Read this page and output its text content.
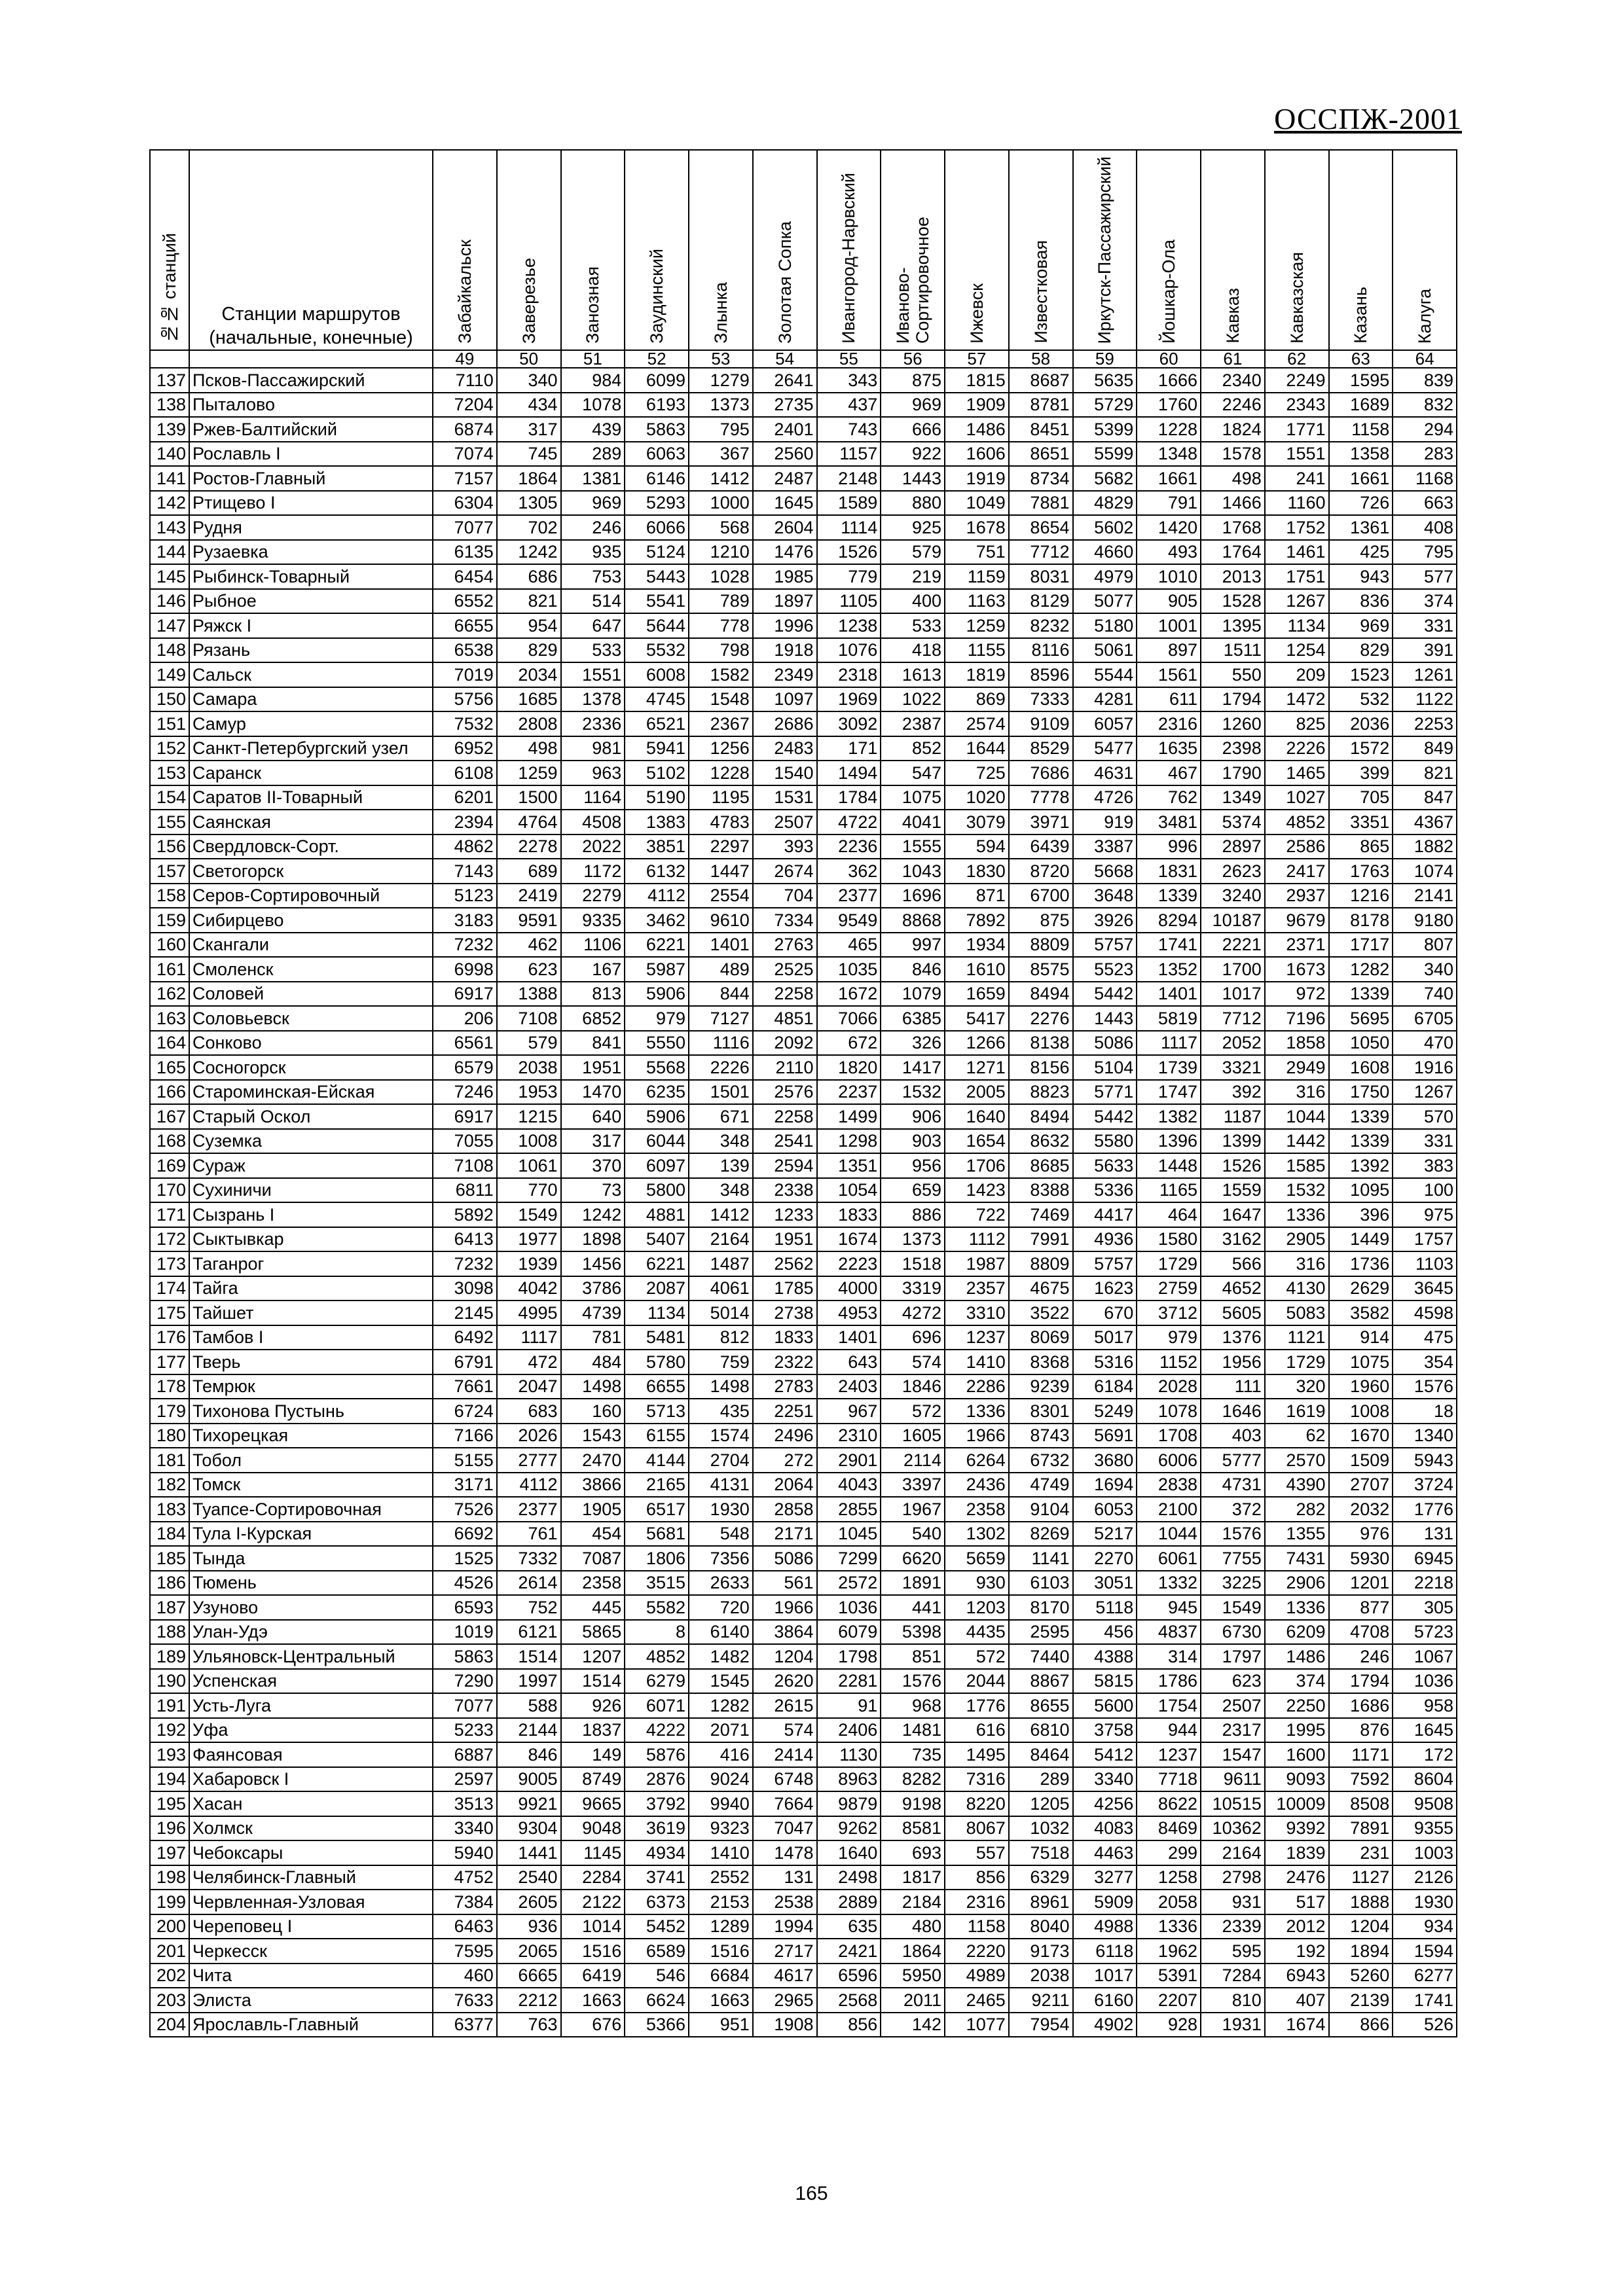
ОССПЖ-2001
№№ станций	Станции маршрутов (начальные, конечные)	Забайкальск	Заверезье	Занозная	Заудинский	Злынка	Золотая Сопка	Ивангород-Нарвский	Иваново-Сортировочное	Ижевск	Известковая	Иркутск-Пассажирский	Йошкар-Ола	Кавказ	Кавказская	Казань	Калуга
		49	50	51	52	53	54	55	56	57	58	59	60	61	62	63	64
137	Псков-Пассажирский	7110	340	984	6099	1279	2641	343	875	1815	8687	5635	1666	2340	2249	1595	839
138	Пыталово	7204	434	1078	6193	1373	2735	437	969	1909	8781	5729	1760	2246	2343	1689	832
139	Ржев-Балтийский	6874	317	439	5863	795	2401	743	666	1486	8451	5399	1228	1824	1771	1158	294
140	Рославль I	7074	745	289	6063	367	2560	1157	922	1606	8651	5599	1348	1578	1551	1358	283
141	Ростов-Главный	7157	1864	1381	6146	1412	2487	2148	1443	1919	8734	5682	1661	498	241	1661	1168
142	Ртищево I	6304	1305	969	5293	1000	1645	1589	880	1049	7881	4829	791	1466	1160	726	663
143	Рудня	7077	702	246	6066	568	2604	1114	925	1678	8654	5602	1420	1768	1752	1361	408
144	Рузаевка	6135	1242	935	5124	1210	1476	1526	579	751	7712	4660	493	1764	1461	425	795
145	Рыбинск-Товарный	6454	686	753	5443	1028	1985	779	219	1159	8031	4979	1010	2013	1751	943	577
146	Рыбное	6552	821	514	5541	789	1897	1105	400	1163	8129	5077	905	1528	1267	836	374
147	Ряжск I	6655	954	647	5644	778	1996	1238	533	1259	8232	5180	1001	1395	1134	969	331
148	Рязань	6538	829	533	5532	798	1918	1076	418	1155	8116	5061	897	1511	1254	829	391
149	Сальск	7019	2034	1551	6008	1582	2349	2318	1613	1819	8596	5544	1561	550	209	1523	1261
150	Самара	5756	1685	1378	4745	1548	1097	1969	1022	869	7333	4281	611	1794	1472	532	1122
151	Самур	7532	2808	2336	6521	2367	2686	3092	2387	2574	9109	6057	2316	1260	825	2036	2253
152	Санкт-Петербургский узел	6952	498	981	5941	1256	2483	171	852	1644	8529	5477	1635	2398	2226	1572	849
153	Саранск	6108	1259	963	5102	1228	1540	1494	547	725	7686	4631	467	1790	1465	399	821
154	Саратов II-Товарный	6201	1500	1164	5190	1195	1531	1784	1075	1020	7778	4726	762	1349	1027	705	847
155	Саянская	2394	4764	4508	1383	4783	2507	4722	4041	3079	3971	919	3481	5374	4852	3351	4367
156	Свердловск-Сорт.	4862	2278	2022	3851	2297	393	2236	1555	594	6439	3387	996	2897	2586	865	1882
157	Светогорск	7143	689	1172	6132	1447	2674	362	1043	1830	8720	5668	1831	2623	2417	1763	1074
158	Серов-Сортировочный	5123	2419	2279	4112	2554	704	2377	1696	871	6700	3648	1339	3240	2937	1216	2141
159	Сибирцево	3183	9591	9335	3462	9610	7334	9549	8868	7892	875	3926	8294	10187	9679	8178	9180
160	Скангали	7232	462	1106	6221	1401	2763	465	997	1934	8809	5757	1741	2221	2371	1717	807
161	Смоленск	6998	623	167	5987	489	2525	1035	846	1610	8575	5523	1352	1700	1673	1282	340
162	Соловей	6917	1388	813	5906	844	2258	1672	1079	1659	8494	5442	1401	1017	972	1339	740
163	Соловьевск	206	7108	6852	979	7127	4851	7066	6385	5417	2276	1443	5819	7712	7196	5695	6705
164	Сонково	6561	579	841	5550	1116	2092	672	326	1266	8138	5086	1117	2052	1858	1050	470
165	Сосногорск	6579	2038	1951	5568	2226	2110	1820	1417	1271	8156	5104	1739	3321	2949	1608	1916
166	Староминская-Ейская	7246	1953	1470	6235	1501	2576	2237	1532	2005	8823	5771	1747	392	316	1750	1267
167	Старый Оскол	6917	1215	640	5906	671	2258	1499	906	1640	8494	5442	1382	1187	1044	1339	570
168	Суземка	7055	1008	317	6044	348	2541	1298	903	1654	8632	5580	1396	1399	1442	1339	331
169	Сураж	7108	1061	370	6097	139	2594	1351	956	1706	8685	5633	1448	1526	1585	1392	383
170	Сухиничи	6811	770	73	5800	348	2338	1054	659	1423	8388	5336	1165	1559	1532	1095	100
171	Сызрань I	5892	1549	1242	4881	1412	1233	1833	886	722	7469	4417	464	1647	1336	396	975
172	Сыктывкар	6413	1977	1898	5407	2164	1951	1674	1373	1112	7991	4936	1580	3162	2905	1449	1757
173	Таганрог	7232	1939	1456	6221	1487	2562	2223	1518	1987	8809	5757	1729	566	316	1736	1103
174	Тайга	3098	4042	3786	2087	4061	1785	4000	3319	2357	4675	1623	2759	4652	4130	2629	3645
175	Тайшет	2145	4995	4739	1134	5014	2738	4953	4272	3310	3522	670	3712	5605	5083	3582	4598
176	Тамбов I	6492	1117	781	5481	812	1833	1401	696	1237	8069	5017	979	1376	1121	914	475
177	Тверь	6791	472	484	5780	759	2322	643	574	1410	8368	5316	1152	1956	1729	1075	354
178	Темрюк	7661	2047	1498	6655	1498	2783	2403	1846	2286	9239	6184	2028	111	320	1960	1576
179	Тихонова Пустынь	6724	683	160	5713	435	2251	967	572	1336	8301	5249	1078	1646	1619	1008	18
180	Тихорецкая	7166	2026	1543	6155	1574	2496	2310	1605	1966	8743	5691	1708	403	62	1670	1340
181	Тобол	5155	2777	2470	4144	2704	272	2901	2114	6264	6732	3680	6006	5777	2570	1509	5943
182	Томск	3171	4112	3866	2165	4131	2064	4043	3397	2436	4749	1694	2838	4731	4390	2707	3724
183	Туапсе-Сортировочная	7526	2377	1905	6517	1930	2858	2855	1967	2358	9104	6053	2100	372	282	2032	1776
184	Тула I-Курская	6692	761	454	5681	548	2171	1045	540	1302	8269	5217	1044	1576	1355	976	131
185	Тында	1525	7332	7087	1806	7356	5086	7299	6620	5659	1141	2270	6061	7755	7431	5930	6945
186	Тюмень	4526	2614	2358	3515	2633	561	2572	1891	930	6103	3051	1332	3225	2906	1201	2218
187	Узуново	6593	752	445	5582	720	1966	1036	441	1203	8170	5118	945	1549	1336	877	305
188	Улан-Удэ	1019	6121	5865	8	6140	3864	6079	5398	4435	2595	456	4837	6730	6209	4708	5723
189	Ульяновск-Центральный	5863	1514	1207	4852	1482	1204	1798	851	572	7440	4388	314	1797	1486	246	1067
190	Успенская	7290	1997	1514	6279	1545	2620	2281	1576	2044	8867	5815	1786	623	374	1794	1036
191	Усть-Луга	7077	588	926	6071	1282	2615	91	968	1776	8655	5600	1754	2507	2250	1686	958
192	Уфа	5233	2144	1837	4222	2071	574	2406	1481	616	6810	3758	944	2317	1995	876	1645
193	Фаянсовая	6887	846	149	5876	416	2414	1130	735	1495	8464	5412	1237	1547	1600	1171	172
194	Хабаровск I	2597	9005	8749	2876	9024	6748	8963	8282	7316	289	3340	7718	9611	9093	7592	8604
195	Хасан	3513	9921	9665	3792	9940	7664	9879	9198	8220	1205	4256	8622	10515	10009	8508	9508
196	Холмск	3340	9304	9048	3619	9323	7047	9262	8581	8067	1032	4083	8469	10362	9392	7891	9355
197	Чебоксары	5940	1441	1145	4934	1410	1478	1640	693	557	7518	4463	299	2164	1839	231	1003
198	Челябинск-Главный	4752	2540	2284	3741	2552	131	2498	1817	856	6329	3277	1258	2798	2476	1127	2126
199	Червленная-Узловая	7384	2605	2122	6373	2153	2538	2889	2184	2316	8961	5909	2058	931	517	1888	1930
200	Череповец I	6463	936	1014	5452	1289	1994	635	480	1158	8040	4988	1336	2339	2012	1204	934
201	Черкесск	7595	2065	1516	6589	1516	2717	2421	1864	2220	9173	6118	1962	595	192	1894	1594
202	Чита	460	6665	6419	546	6684	4617	6596	5950	4989	2038	1017	5391	7284	6943	5260	6277
203	Элиста	7633	2212	1663	6624	1663	2965	2568	2011	2465	9211	6160	2207	810	407	2139	1741
204	Ярославль-Главный	6377	763	676	5366	951	1908	856	142	1077	7954	4902	928	1931	1674	866	526
165
